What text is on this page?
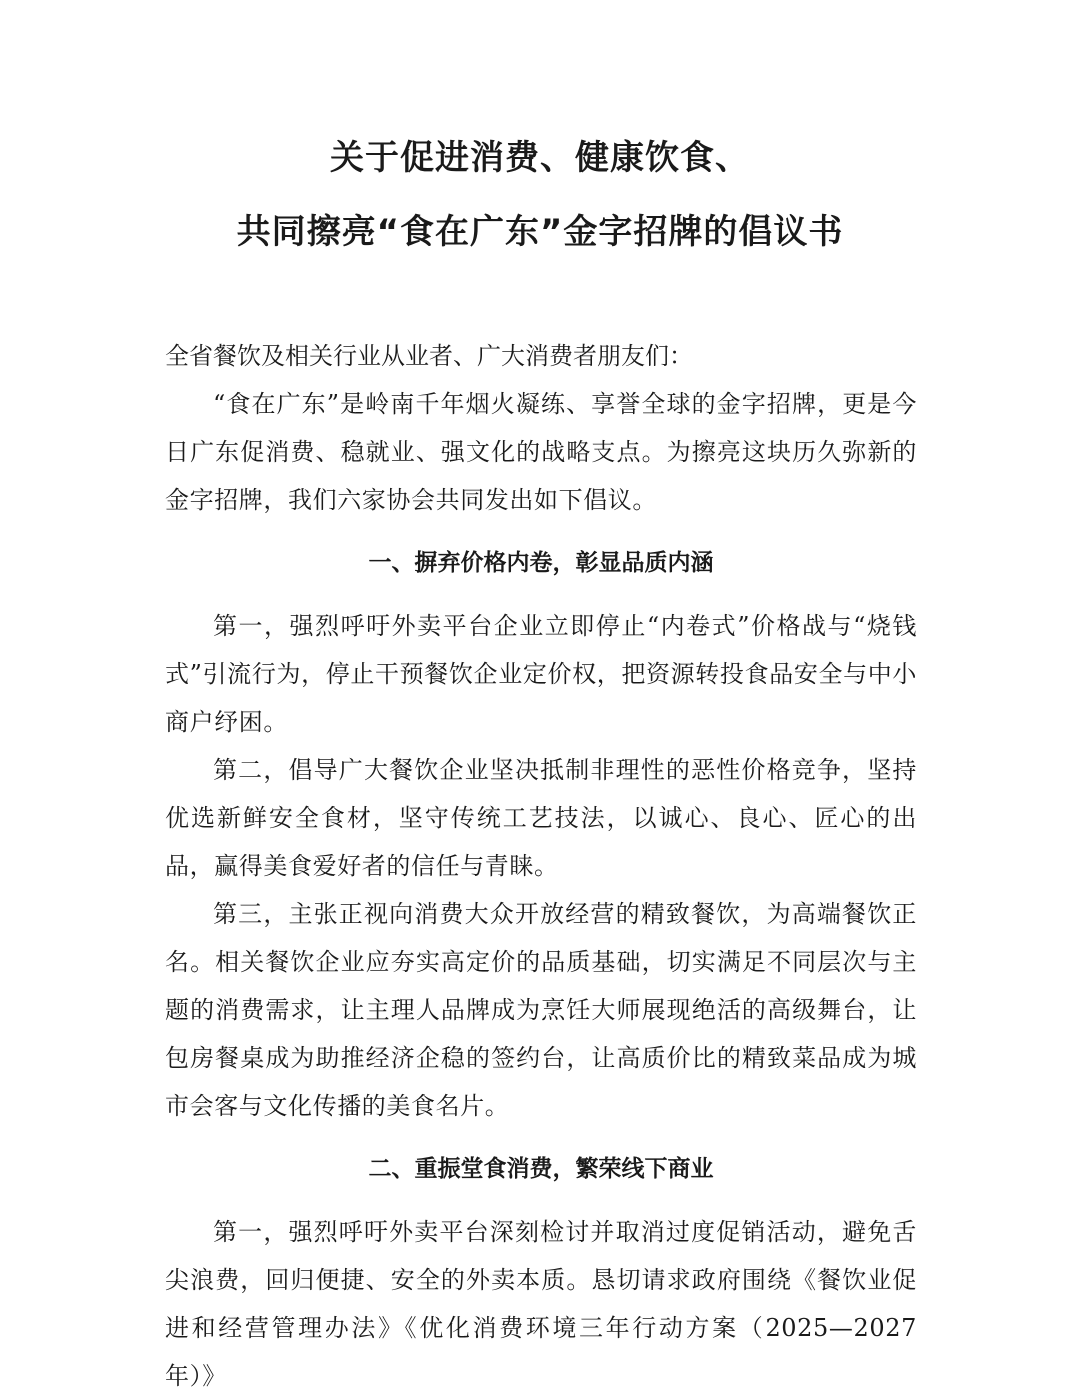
关于促进消费、健康饮食、
共同擦亮“食在广东”金字招牌的倡议书

全省餐饮及相关行业从业者、广大消费者朋友们：

“食在广东”是岭南千年烟火凝练、享誉全球的金字招牌，更是今日广东促消费、稳就业、强文化的战略支点。为擦亮这块历久弥新的金字招牌，我们六家协会共同发出如下倡议。

一、摒弃价格内卷，彰显品质内涵

第一，强烈呼吁外卖平台企业立即停止“内卷式”价格战与“烧钱式”引流行为，停止干预餐饮企业定价权，把资源转投食品安全与中小商户纾困。

第二，倡导广大餐饮企业坚决抵制非理性的恶性价格竞争，坚持优选新鲜安全食材，坚守传统工艺技法，以诚心、良心、匠心的出品，赢得美食爱好者的信任与青睐。

第三，主张正视向消费大众开放经营的精致餐饮，为高端餐饮正名。相关餐饮企业应夯实高定价的品质基础，切实满足不同层次与主题的消费需求，让主理人品牌成为烹饪大师展现绝活的高级舞台，让包房餐桌成为助推经济企稳的签约台，让高质价比的精致菜品成为城市会客与文化传播的美食名片。

二、重振堂食消费，繁荣线下商业

第一，强烈呼吁外卖平台深刻检讨并取消过度促销活动，避免舌尖浪费，回归便捷、安全的外卖本质。恳切请求政府围绕《餐饮业促进和经营管理办法》《优化消费环境三年行动方案（2025—2027年）》
